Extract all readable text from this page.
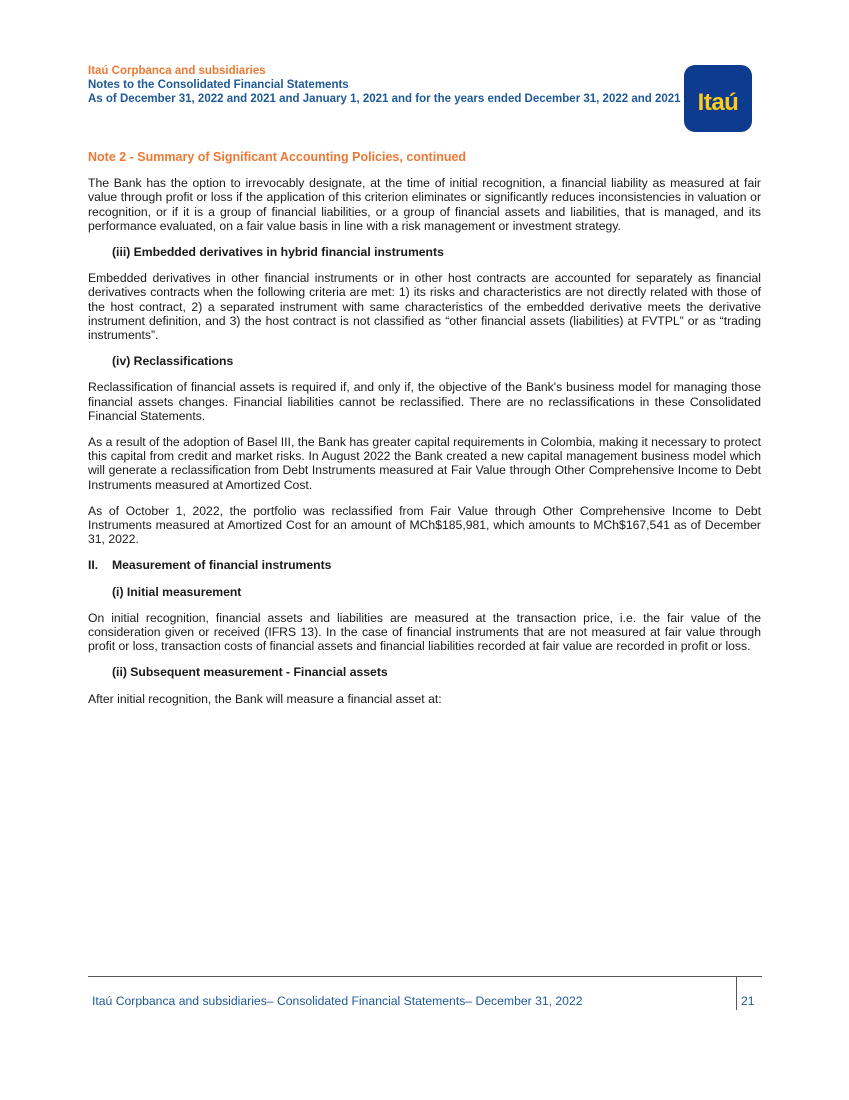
Itaú Corpbanca and subsidiaries
Notes to the Consolidated Financial Statements
As of December 31, 2022 and 2021 and January 1, 2021 and for the years ended December 31, 2022 and 2021 Itaú
Note 2 - Summary of Significant Accounting Policies, continued

The Bank has the option to irrevocably designate, at the time of initial recognition, a financial liability as measured at fair value through profit or loss if the application of this criterion eliminates or significantly reduces inconsistencies in valuation or recognition, or if it is a group of financial liabilities, or a group of financial assets and liabilities, that is managed, and its performance evaluated, on a fair value basis in line with a risk management or investment strategy.

(iii) Embedded derivatives in hybrid financial instruments

Embedded derivatives in other financial instruments or in other host contracts are accounted for separately as financial derivatives contracts when the following criteria are met: 1) its risks and characteristics are not directly related with those of the host contract, 2) a separated instrument with same characteristics of the embedded derivative meets the derivative instrument definition, and 3) the host contract is not classified as “other financial assets (liabilities) at FVTPL” or as “trading instruments”.

(iv) Reclassifications

Reclassification of financial assets is required if, and only if, the objective of the Bank's business model for managing those financial assets changes. Financial liabilities cannot be reclassified. There are no reclassifications in these Consolidated Financial Statements.

As a result of the adoption of Basel III, the Bank has greater capital requirements in Colombia, making it necessary to protect this capital from credit and market risks. In August 2022 the Bank created a new capital management business model which will generate a reclassification from Debt Instruments measured at Fair Value through Other Comprehensive Income to Debt Instruments measured at Amortized Cost.

As of October 1, 2022, the portfolio was reclassified from Fair Value through Other Comprehensive Income to Debt Instruments measured at Amortized Cost for an amount of MCh$185,981, which amounts to MCh$167,541 as of December 31, 2022.

II.	Measurement of financial instruments
(i) Initial measurement

On initial recognition, financial assets and liabilities are measured at the transaction price, i.e. the fair value of the consideration given or received (IFRS 13). In the case of financial instruments that are not measured at fair value through profit or loss, transaction costs of financial assets and financial liabilities recorded at fair value are recorded in profit or loss.

(ii) Subsequent measurement - Financial assets

After initial recognition, the Bank will measure a financial asset at:

Itaú Corpbanca and subsidiaries– Consolidated Financial Statements– December 31, 2022	21
